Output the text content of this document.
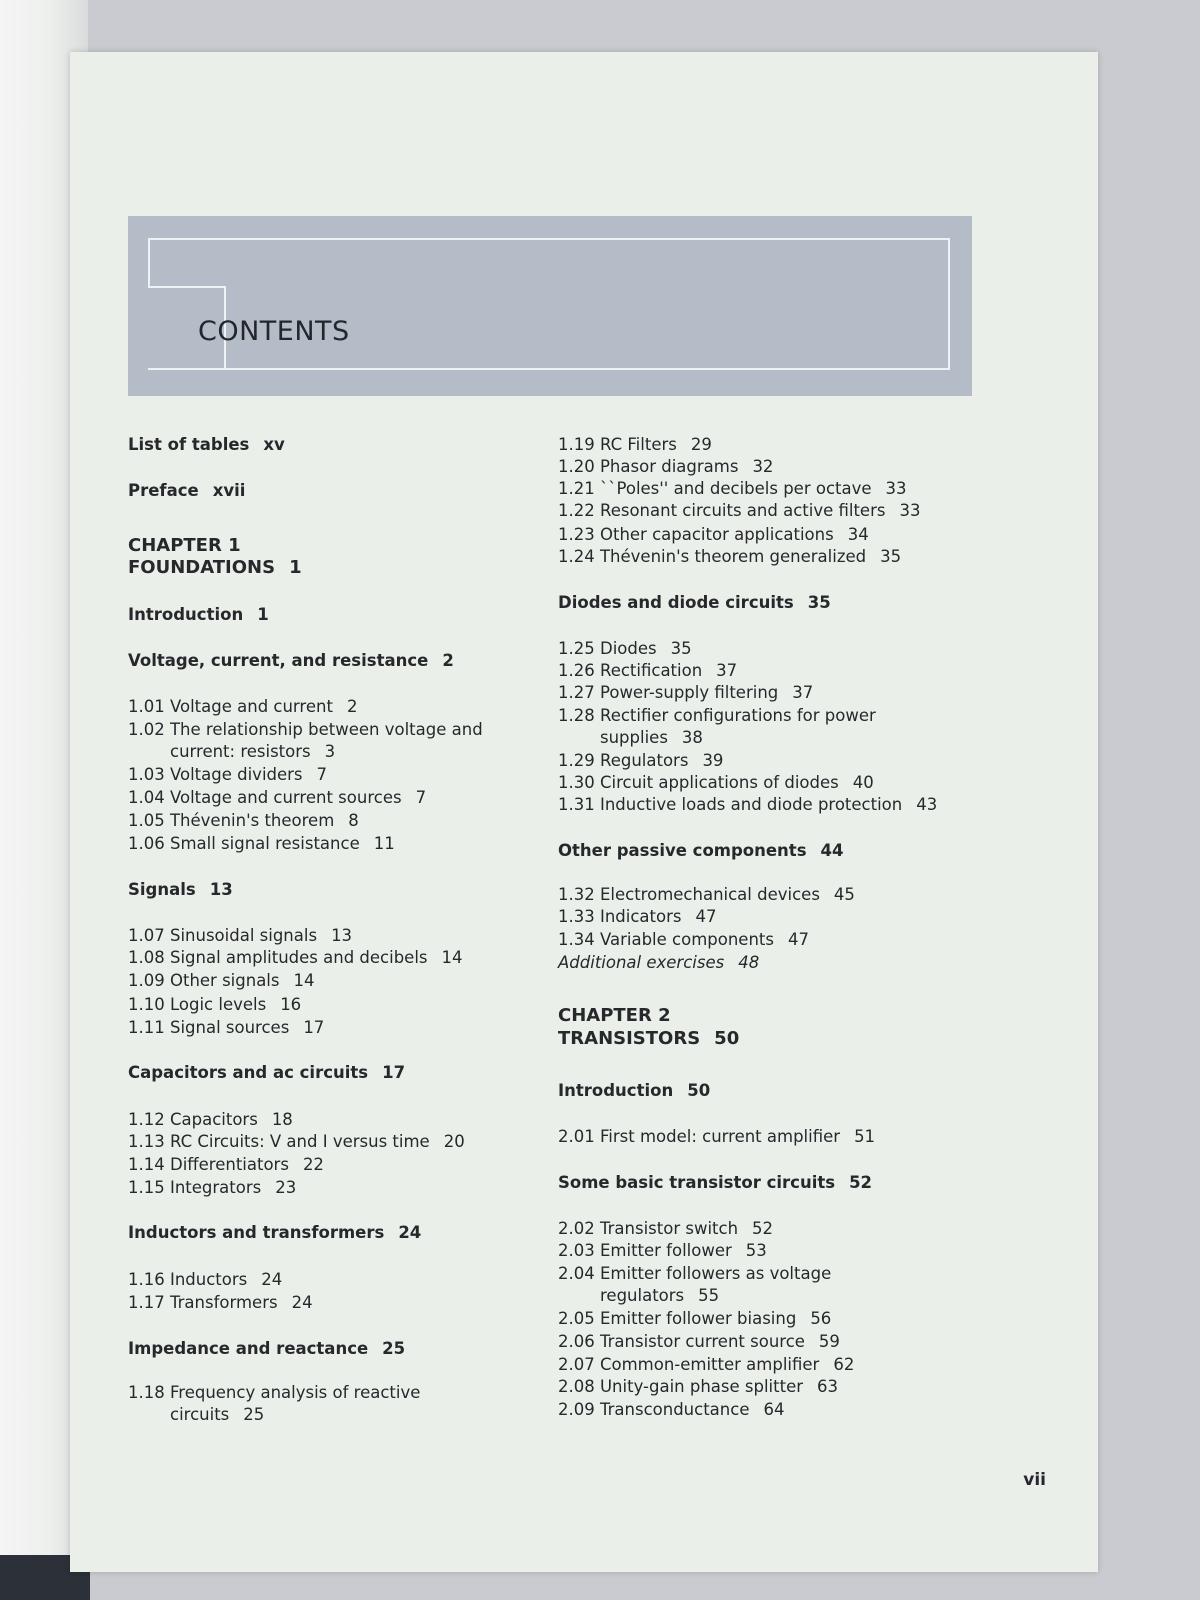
CONTENTS
List of tables xv
Preface xvii
CHAPTER 1
FOUNDATIONS 1
Introduction 1
Voltage, current, and resistance 2
1.01 Voltage and current 2
1.02 The relationship between voltage and
current: resistors 3
1.03 Voltage dividers 7
1.04 Voltage and current sources 7
1.05 Thévenin's theorem 8
1.06 Small signal resistance 11
Signals 13
1.07 Sinusoidal signals 13
1.08 Signal amplitudes and decibels 14
1.09 Other signals 14
1.10 Logic levels 16
1.11 Signal sources 17
Capacitors and ac circuits 17
1.12 Capacitors 18
1.13 RC Circuits: V and I versus time 20
1.14 Differentiators 22
1.15 Integrators 23
Inductors and transformers 24
1.16 Inductors 24
1.17 Transformers 24
Impedance and reactance 25
1.18 Frequency analysis of reactive
circuits 25
1.19 RC Filters 29
1.20 Phasor diagrams 32
1.21 ``Poles'' and decibels per octave 33
1.22 Resonant circuits and active filters 33
1.23 Other capacitor applications 34
1.24 Thévenin's theorem generalized 35
Diodes and diode circuits 35
1.25 Diodes 35
1.26 Rectification 37
1.27 Power-supply filtering 37
1.28 Rectifier configurations for power
supplies 38
1.29 Regulators 39
1.30 Circuit applications of diodes 40
1.31 Inductive loads and diode protection 43
Other passive components 44
1.32 Electromechanical devices 45
1.33 Indicators 47
1.34 Variable components 47
Additional exercises 48
CHAPTER 2
TRANSISTORS 50
Introduction 50
2.01 First model: current amplifier 51
Some basic transistor circuits 52
2.02 Transistor switch 52
2.03 Emitter follower 53
2.04 Emitter followers as voltage
regulators 55
2.05 Emitter follower biasing 56
2.06 Transistor current source 59
2.07 Common-emitter amplifier 62
2.08 Unity-gain phase splitter 63
2.09 Transconductance 64
vii
